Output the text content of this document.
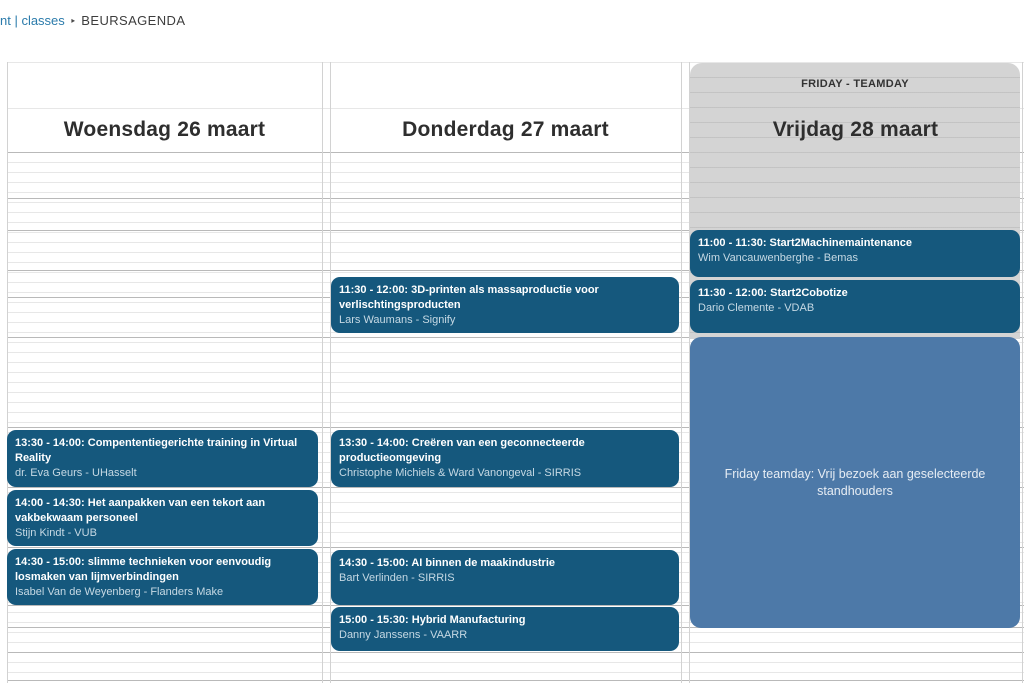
nt | classes ‣ BEURSAGENDA
FRIDAY - TEAMDAY
Woensdag 26 maart	Donderdag 27 maart	Vrijdag 28 maart
13:30 - 14:00: Compententiegerichte training in Virtual Reality
dr. Eva Geurs - UHasselt
14:00 - 14:30: Het aanpakken van een tekort aan vakbekwaam personeel
Stijn Kindt - VUB
14:30 - 15:00: slimme technieken voor eenvoudig losmaken van lijmverbindingen
Isabel Van de Weyenberg - Flanders Make
11:30 - 12:00: 3D-printen als massaproductie voor verlischtingsproducten
Lars Waumans - Signify
13:30 - 14:00: Creëren van een geconnecteerde productieomgeving
Christophe Michiels & Ward Vanongeval - SIRRIS
14:30 - 15:00: AI binnen de maakindustrie
Bart Verlinden - SIRRIS
15:00 - 15:30: Hybrid Manufacturing
Danny Janssens - VAARR
11:00 - 11:30: Start2Machinemaintenance
Wim Vancauwenberghe - Bemas
11:30 - 12:00: Start2Cobotize
Dario Clemente - VDAB
Friday teamday: Vrij bezoek aan geselecteerde standhouders
